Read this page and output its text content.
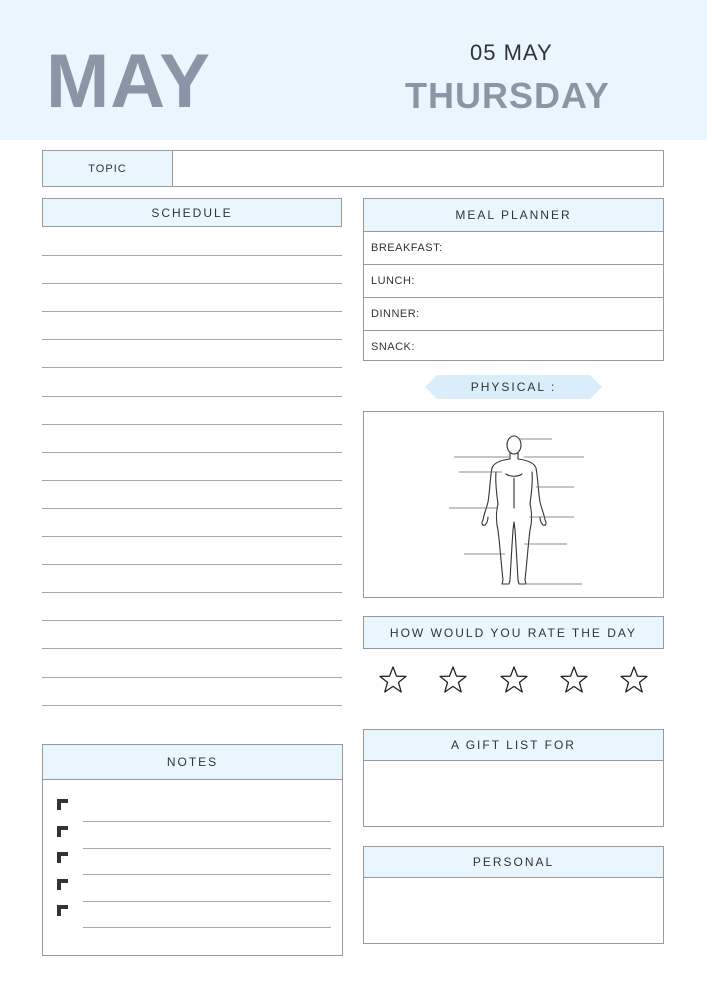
MAY	05 MAY
THURSDAY
TOPIC
SCHEDULE	MEAL PLANNER
BREAKFAST:
LUNCH:
DINNER:
SNACK:
PHYSICAL :
HOW WOULD YOU RATE THE DAY
A GIFT LIST FOR
PERSONAL
NOTES
